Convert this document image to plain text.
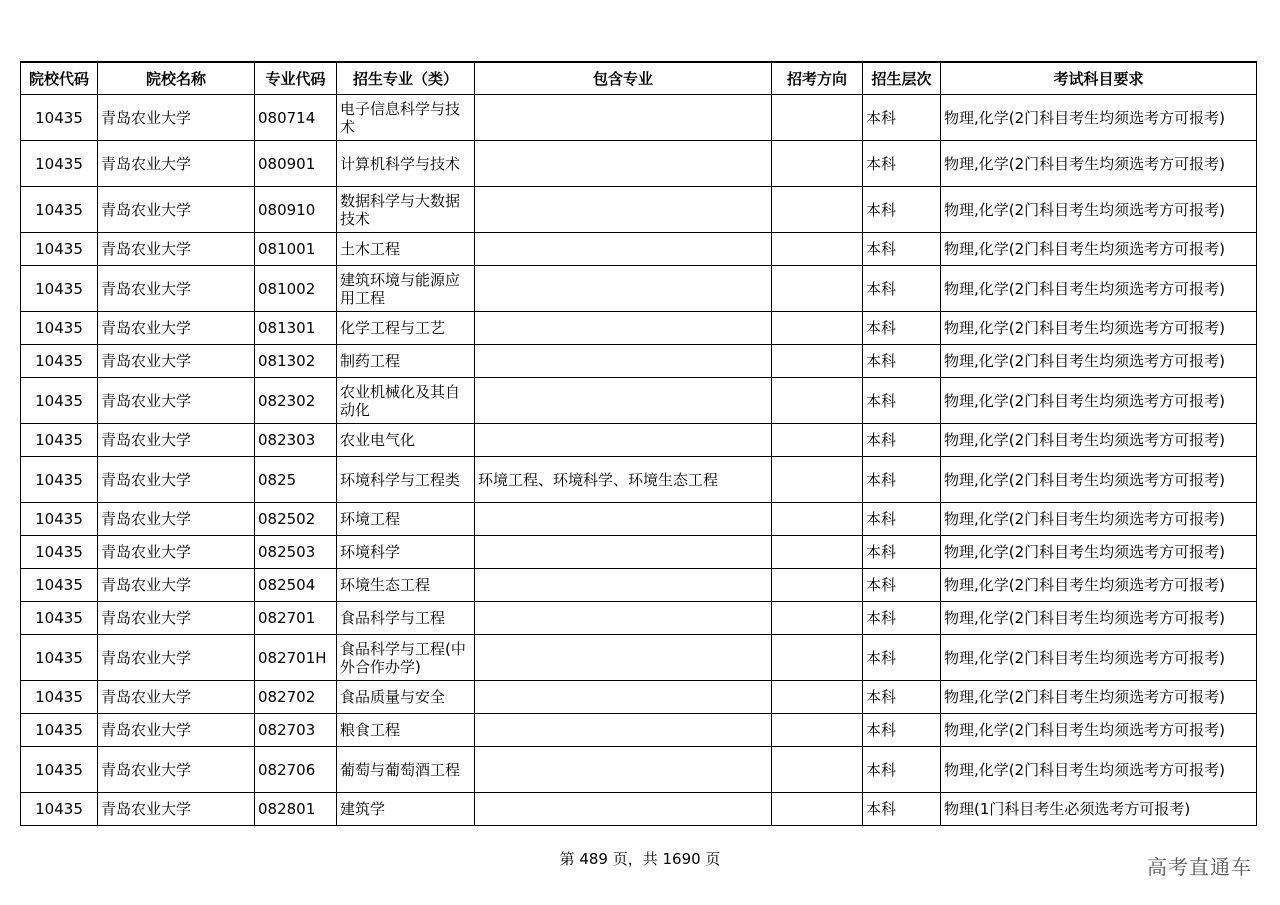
院校代码	院校名称	专业代码	招生专业（类）	包含专业	招考方向	招生层次	考试科目要求
10435	青岛农业大学	080714	电子信息科学与技术			本科	物理,化学(2门科目考生均须选考方可报考)
10435	青岛农业大学	080901	计算机科学与技术			本科	物理,化学(2门科目考生均须选考方可报考)
10435	青岛农业大学	080910	数据科学与大数据技术			本科	物理,化学(2门科目考生均须选考方可报考)
10435	青岛农业大学	081001	土木工程			本科	物理,化学(2门科目考生均须选考方可报考)
10435	青岛农业大学	081002	建筑环境与能源应用工程			本科	物理,化学(2门科目考生均须选考方可报考)
10435	青岛农业大学	081301	化学工程与工艺			本科	物理,化学(2门科目考生均须选考方可报考)
10435	青岛农业大学	081302	制药工程			本科	物理,化学(2门科目考生均须选考方可报考)
10435	青岛农业大学	082302	农业机械化及其自动化			本科	物理,化学(2门科目考生均须选考方可报考)
10435	青岛农业大学	082303	农业电气化			本科	物理,化学(2门科目考生均须选考方可报考)
10435	青岛农业大学	0825	环境科学与工程类	环境工程、环境科学、环境生态工程		本科	物理,化学(2门科目考生均须选考方可报考)
10435	青岛农业大学	082502	环境工程			本科	物理,化学(2门科目考生均须选考方可报考)
10435	青岛农业大学	082503	环境科学			本科	物理,化学(2门科目考生均须选考方可报考)
10435	青岛农业大学	082504	环境生态工程			本科	物理,化学(2门科目考生均须选考方可报考)
10435	青岛农业大学	082701	食品科学与工程			本科	物理,化学(2门科目考生均须选考方可报考)
10435	青岛农业大学	082701H	食品科学与工程(中外合作办学)			本科	物理,化学(2门科目考生均须选考方可报考)
10435	青岛农业大学	082702	食品质量与安全			本科	物理,化学(2门科目考生均须选考方可报考)
10435	青岛农业大学	082703	粮食工程			本科	物理,化学(2门科目考生均须选考方可报考)
10435	青岛农业大学	082706	葡萄与葡萄酒工程			本科	物理,化学(2门科目考生均须选考方可报考)
10435	青岛农业大学	082801	建筑学			本科	物理(1门科目考生必须选考方可报考)
第 489 页，共 1690 页	高考直通车
